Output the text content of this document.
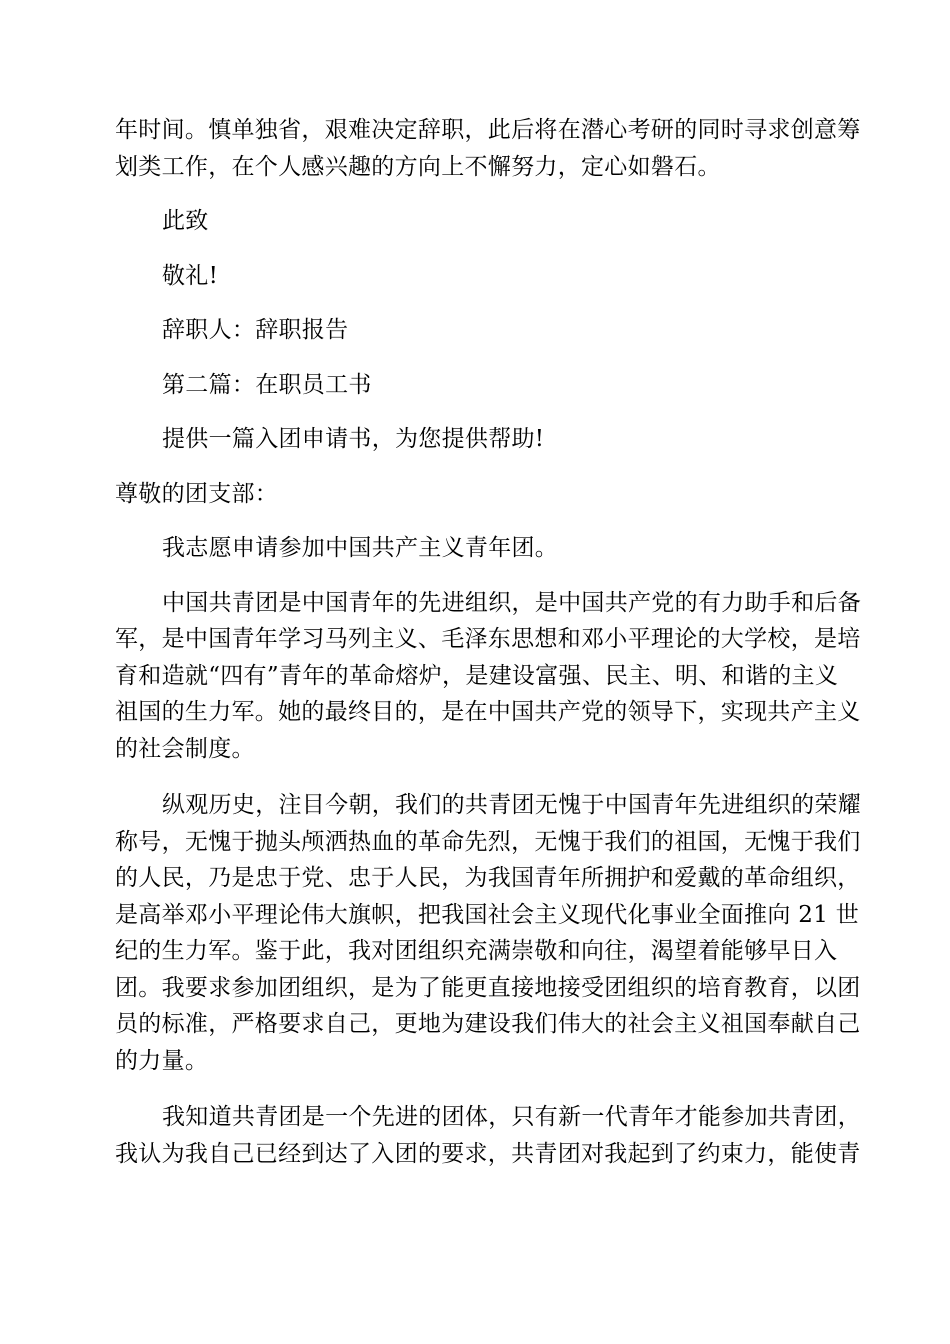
年时间。慎单独省，艰难决定辞职，此后将在潜心考研的同时寻求创意筹
划类工作，在个人感兴趣的方向上不懈努力，定心如磐石。

此致

敬礼!

辞职人：辞职报告

第二篇：在职员工书

提供一篇入团申请书，为您提供帮助!

尊敬的团支部：

我志愿申请参加中国共产主义青年团。

中国共青团是中国青年的先进组织，是中国共产党的有力助手和后备
军，是中国青年学习马列主义、毛泽东思想和邓小平理论的大学校，是培
育和造就“四有”青年的革命熔炉，是建设富强、民主、明、和谐的主义
祖国的生力军。她的最终目的，是在中国共产党的领导下，实现共产主义
的社会制度。

纵观历史，注目今朝，我们的共青团无愧于中国青年先进组织的荣耀
称号，无愧于抛头颅洒热血的革命先烈，无愧于我们的祖国，无愧于我们
的人民，乃是忠于党、忠于人民，为我国青年所拥护和爱戴的革命组织，
是高举邓小平理论伟大旗帜，把我国社会主义现代化事业全面推向 21 世
纪的生力军。鉴于此，我对团组织充满崇敬和向往，渴望着能够早日入
团。我要求参加团组织，是为了能更直接地接受团组织的培育教育，以团
员的标准，严格要求自己，更地为建设我们伟大的社会主义祖国奉献自己
的力量。

我知道共青团是一个先进的团体，只有新一代青年才能参加共青团，
我认为我自己已经到达了入团的要求，共青团对我起到了约束力，能使青
